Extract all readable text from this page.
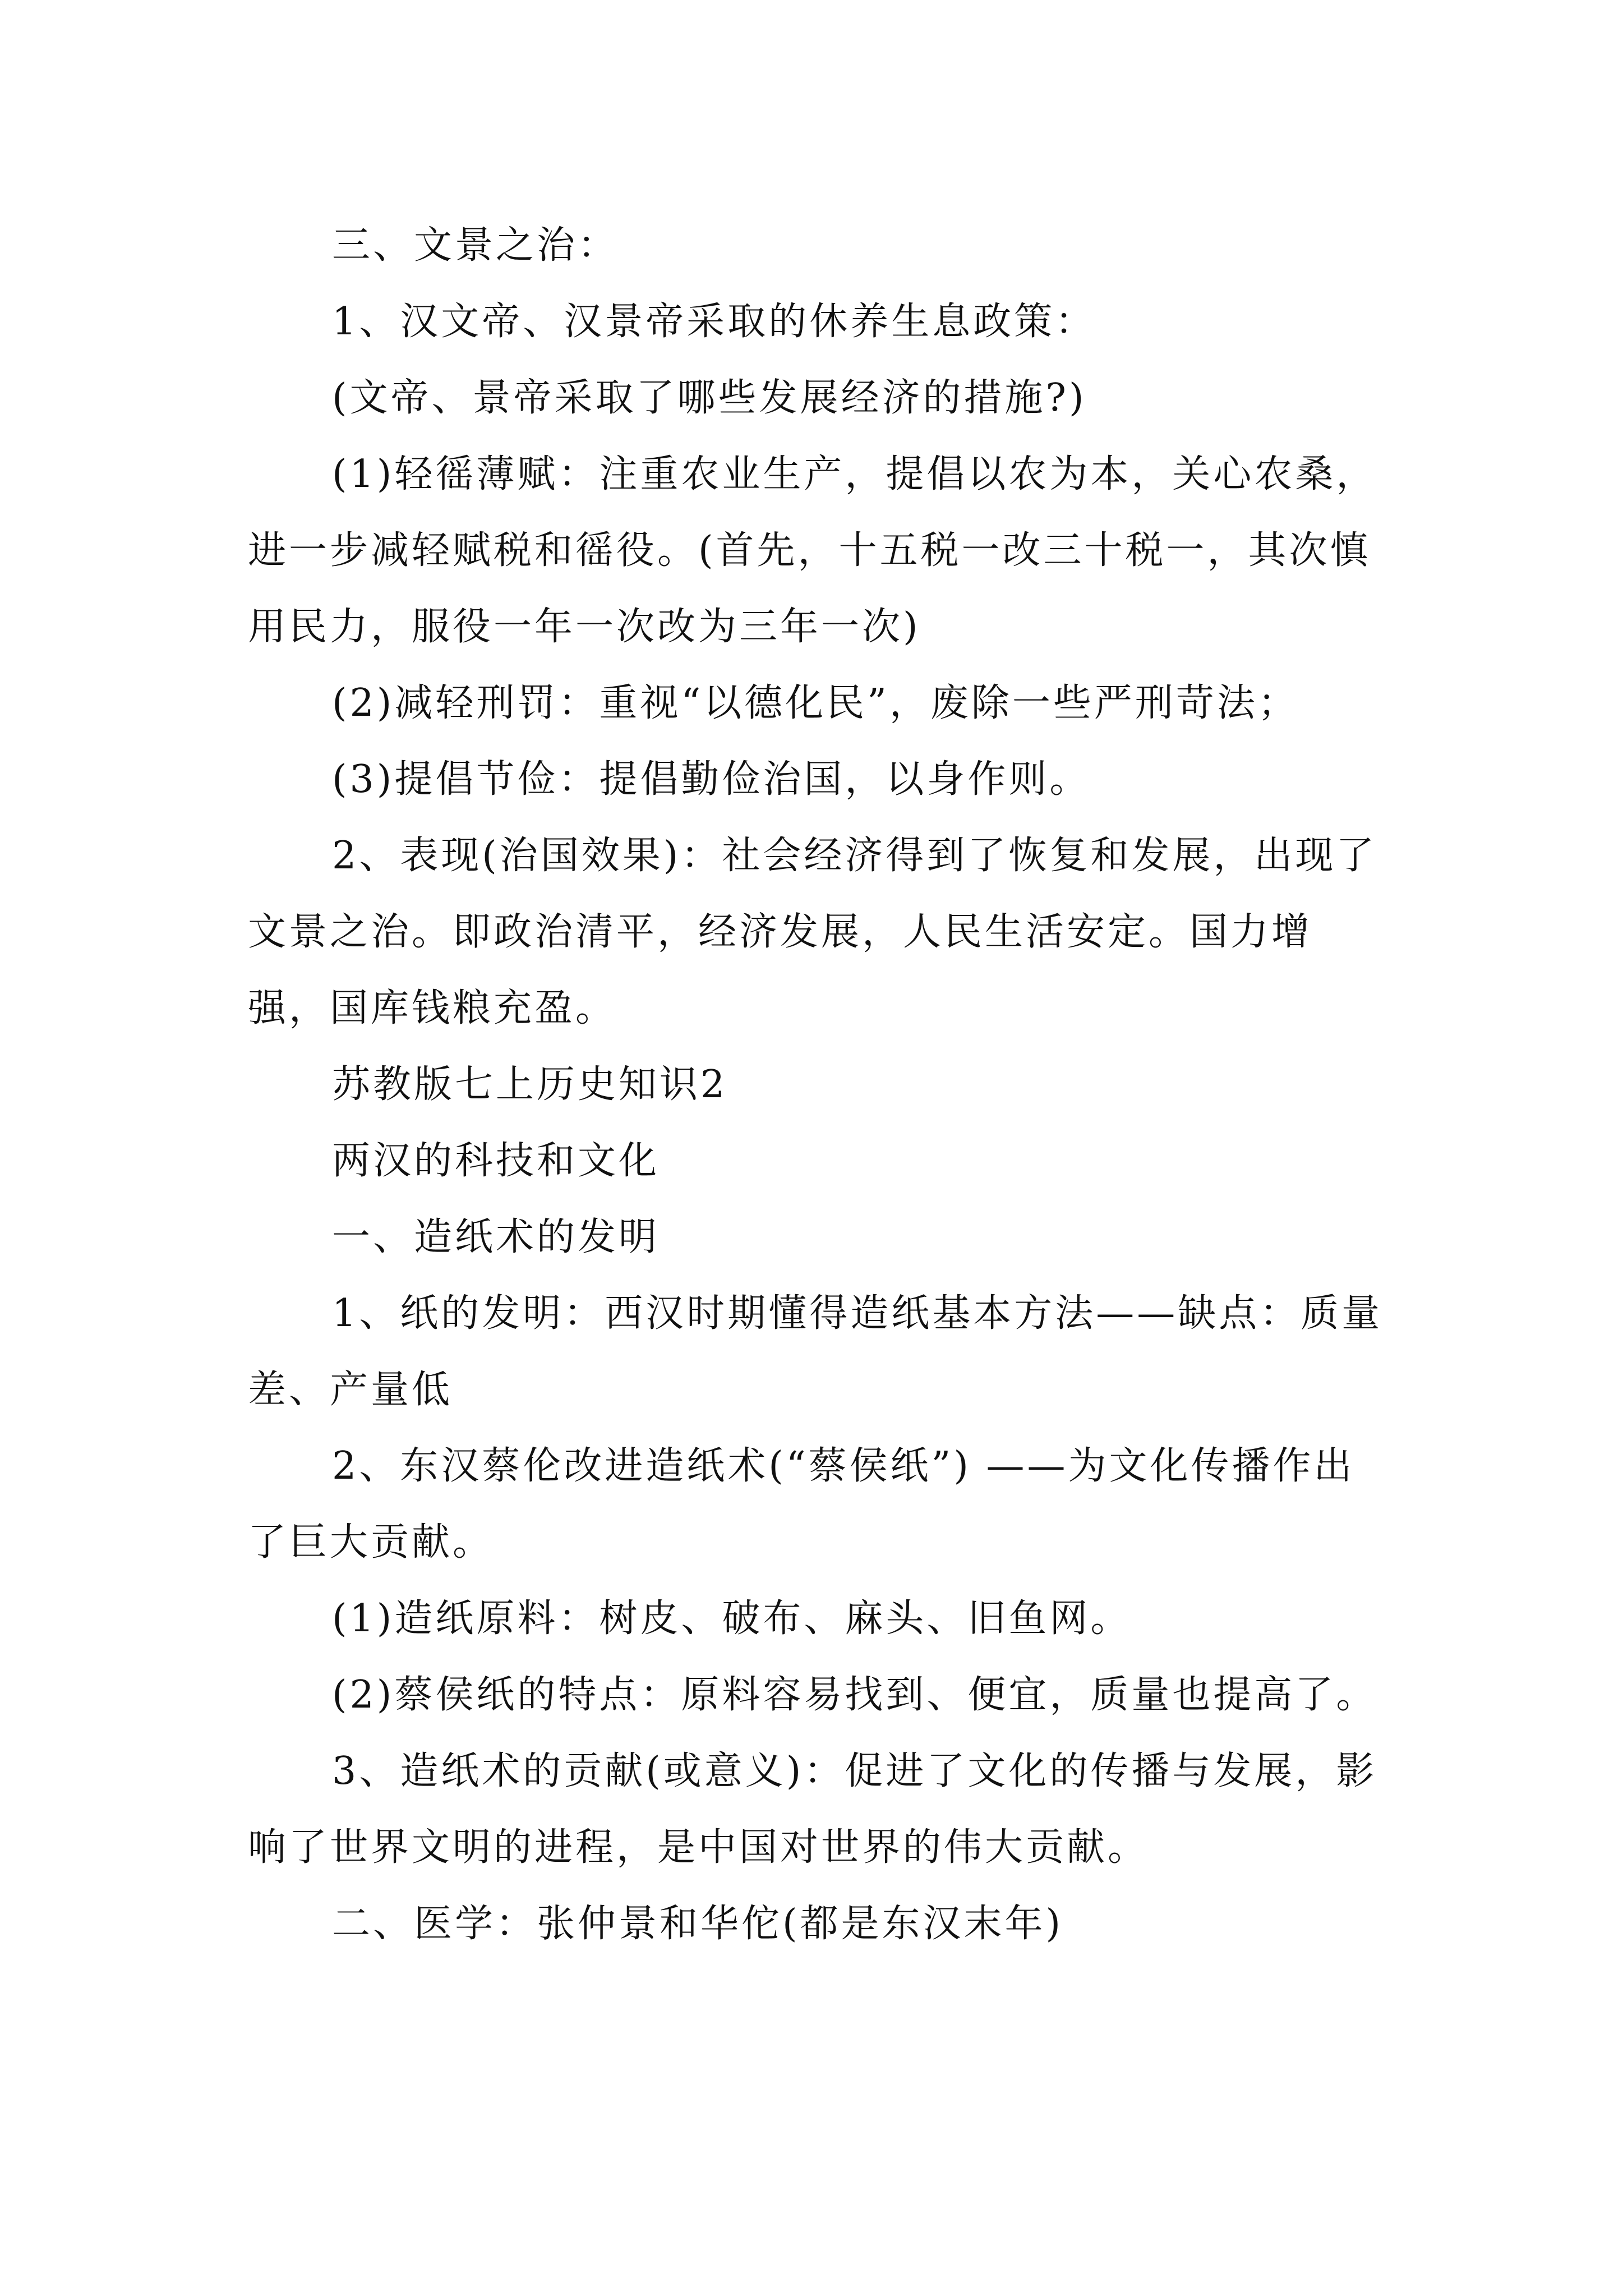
三、文景之治：

1、汉文帝、汉景帝采取的休养生息政策：

(文帝、景帝采取了哪些发展经济的措施?)

(1)轻徭薄赋：注重农业生产，提倡以农为本，关心农桑，进一步减轻赋税和徭役。(首先，十五税一改三十税一，其次慎用民力，服役一年一次改为三年一次)

(2)减轻刑罚：重视“以德化民”，废除一些严刑苛法；

(3)提倡节俭：提倡勤俭治国，以身作则。

2、表现(治国效果)：社会经济得到了恢复和发展，出现了文景之治。即政治清平，经济发展，人民生活安定。国力增强，国库钱粮充盈。

苏教版七上历史知识2

两汉的科技和文化

一、造纸术的发明

1、纸的发明：西汉时期懂得造纸基本方法——缺点：质量差、产量低

2、东汉蔡伦改进造纸术(“蔡侯纸”) ——为文化传播作出了巨大贡献。

(1)造纸原料：树皮、破布、麻头、旧鱼网。

(2)蔡侯纸的特点：原料容易找到、便宜，质量也提高了。

3、造纸术的贡献(或意义)：促进了文化的传播与发展，影响了世界文明的进程，是中国对世界的伟大贡献。

二、医学：张仲景和华佗(都是东汉末年)
